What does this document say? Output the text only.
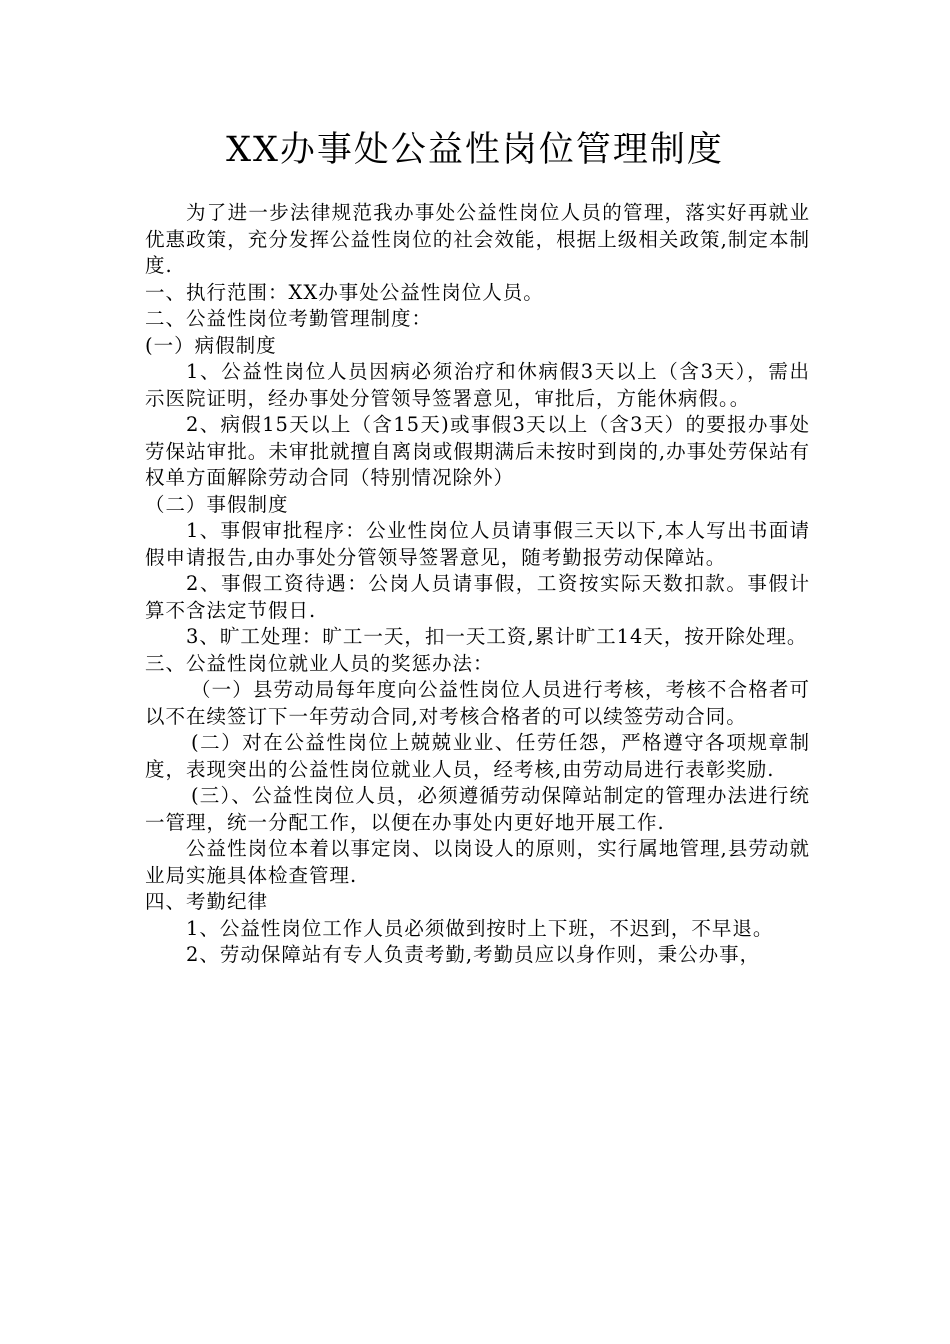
XX办事处公益性岗位管理制度

为了进一步法律规范我办事处公益性岗位人员的管理，落实好再就业优惠政策，充分发挥公益性岗位的社会效能，根据上级相关政策,制定本制度.

一、执行范围：XX办事处公益性岗位人员。

二、公益性岗位考勤管理制度：

(一）病假制度

1、公益性岗位人员因病必须治疗和休病假3天以上（含3天），需出示医院证明，经办事处分管领导签署意见，审批后，方能休病假。。

2、病假15天以上（含15天)或事假3天以上（含3天）的要报办事处劳保站审批。未审批就擅自离岗或假期满后未按时到岗的,办事处劳保站有权单方面解除劳动合同（特别情况除外）

（二）事假制度

1、事假审批程序：公业性岗位人员请事假三天以下,本人写出书面请假申请报告,由办事处分管领导签署意见，随考勤报劳动保障站。

2、事假工资待遇：公岗人员请事假，工资按实际天数扣款。事假计算不含法定节假日.

3、旷工处理：旷工一天，扣一天工资,累计旷工14天，按开除处理。

三、公益性岗位就业人员的奖惩办法：

（一）县劳动局每年度向公益性岗位人员进行考核，考核不合格者可以不在续签订下一年劳动合同,对考核合格者的可以续签劳动合同。

(二）对在公益性岗位上兢兢业业、任劳任怨，严格遵守各项规章制度，表现突出的公益性岗位就业人员，经考核,由劳动局进行表彰奖励.

(三）、公益性岗位人员，必须遵循劳动保障站制定的管理办法进行统一管理，统一分配工作，以便在办事处内更好地开展工作.

公益性岗位本着以事定岗、以岗设人的原则，实行属地管理,县劳动就业局实施具体检查管理.

四、考勤纪律

1、公益性岗位工作人员必须做到按时上下班，不迟到，不早退。

2、劳动保障站有专人负责考勤,考勤员应以身作则，秉公办事，
